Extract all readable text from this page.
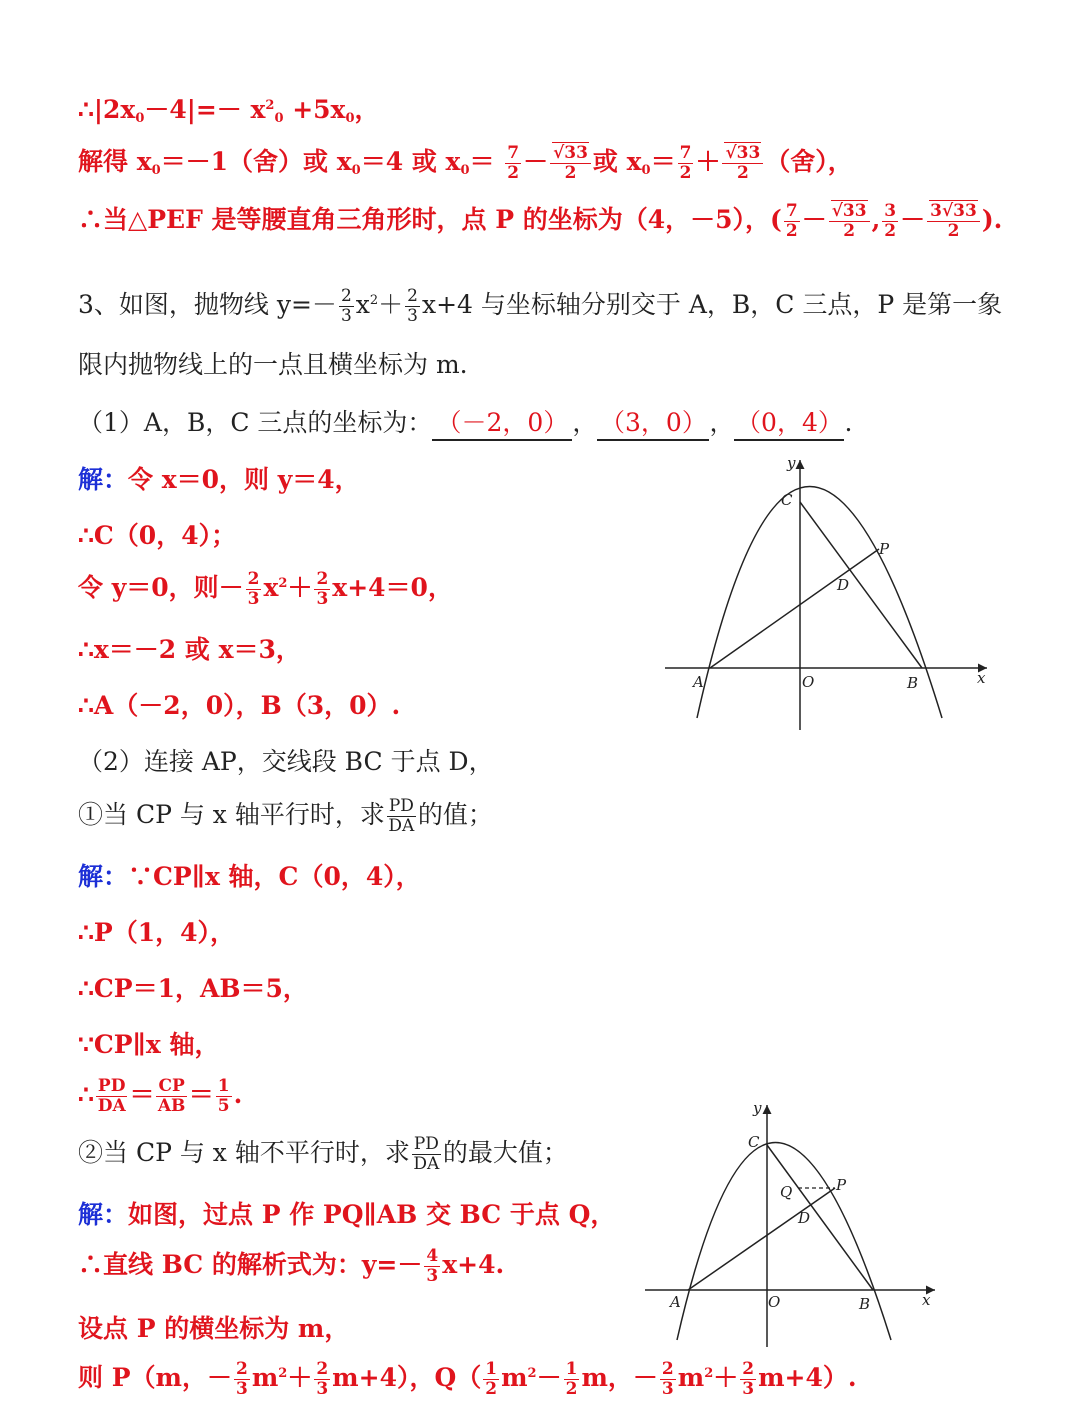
$\therefore|2x_0-4|=- x^2_0 +5x_0$，
解得 $x_0=-1$（舍）或 $x_0=4$ 或 $x_0= \frac{7}{2} - \frac{√33}{2}$ 或 $x_0= \frac{7}{2} + \frac{√33}{2}$ （舍），
∴当△PEF 是等腰直角三角形时，点 P 的坐标为（4，－5），( $\frac{7}{2} - \frac{√33}{2}$ , $\frac{3}{2} - \frac{3√33}{2}$ ).
3、如图，抛物线 $y=- \frac{2}{3} x^2+ \frac{2}{3} x+4$ 与坐标轴分别交于 A，B，C 三点，P 是第一象
限内抛物线上的一点且横坐标为 m.
（1）A，B，C 三点的坐标为： （－2，0） ， （3，0） ，（0，4）.
解：令 x＝0，则 y＝4，
∴C（0，4）；
令 y＝0，则－ $\frac{2}{3} x^2+ \frac{2}{3} x+4=0$，
∴x＝－2 或 x＝3，
∴A（－2，0），B（3，0）.
（2）连接 AP，交线段 BC 于点 D，
①当 CP 与 x 轴平行时，求 $\frac{PD}{DA}$ 的值；
解：∵CP∥x 轴，C（0，4），
∴P（1，4），
∴CP＝1，AB＝5，
∵CP∥x 轴，
∴ $\frac{PD}{DA} = \frac{CP}{AB} = \frac{1}{5}$ .
②当 CP 与 x 轴不平行时，求 $\frac{PD}{DA}$ 的最大值；
解：如图，过点 P 作 PQ∥AB 交 BC 于点 Q，
∴直线 BC 的解析式为：$y=- \frac{4}{3} x+4$.
设点 P 的横坐标为 m，
则 P（m，－ $\frac{2}{3} m^2+ \frac{2}{3} m+4$），$Q( \frac{1}{2} m^2- \frac{1}{2}$ m，－ $\frac{2}{3} m^2+ \frac{2}{3} m+4$）.
y
C
P
D
A	O	B	x
y
C
Q	P
D
A	O	B	x
